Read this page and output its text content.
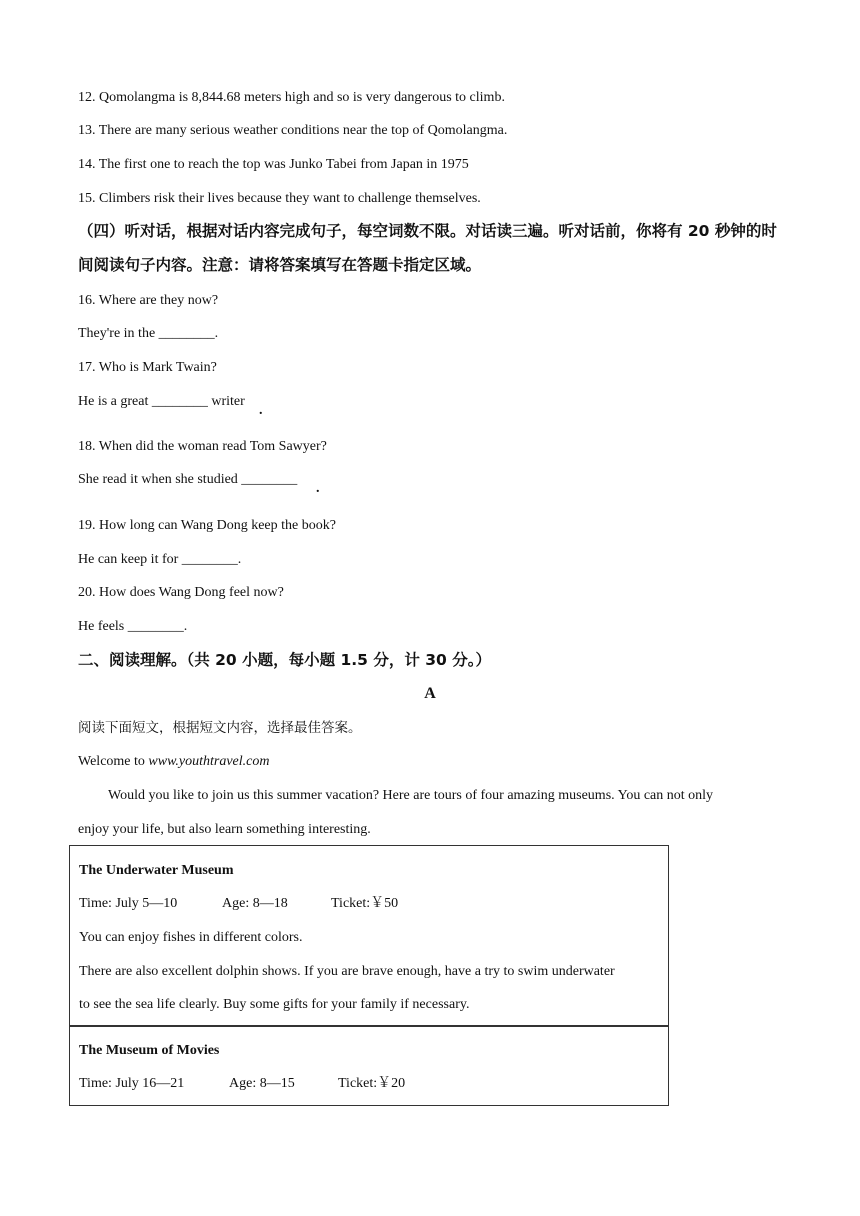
12. Qomolangma is 8,844.68 meters high and so is very dangerous to climb.
13. There are many serious weather conditions near the top of Qomolangma.
14. The first one to reach the top was Junko Tabei from Japan in 1975
15. Climbers risk their lives because they want to challenge themselves.
（四）听对话，根据对话内容完成句子，每空词数不限。对话读三遍。听对话前，你将有 20 秒钟的时间阅读句子内容。注意：请将答案填写在答题卡指定区域。
16. Where are they now?
They're in the ________.
17. Who is Mark Twain?
He is a great ________ writer
.
18. When did the woman read Tom Sawyer?
She read it when she studied ________
.
19. How long can Wang Dong keep the book?
He can keep it for ________.
20. How does Wang Dong feel now?
He feels ________.
二、阅读理解。（共 20 小题，每小题 1.5 分，计 30 分。）
A
阅读下面短文，根据短文内容，选择最佳答案。
Welcome to www.youthtravel.com
Would you like to join us this summer vacation? Here are tours of four amazing museums. You can not only
enjoy your life, but also learn something interesting.
The Underwater Museum
Time: July 5—10	Age: 8—18	Ticket:￥50
You can enjoy fishes in different colors.
There are also excellent dolphin shows. If you are brave enough, have a try to swim underwater
to see the sea life clearly. Buy some gifts for your family if necessary.
The Museum of Movies
Time: July 16—21	Age: 8—15	Ticket:￥20
